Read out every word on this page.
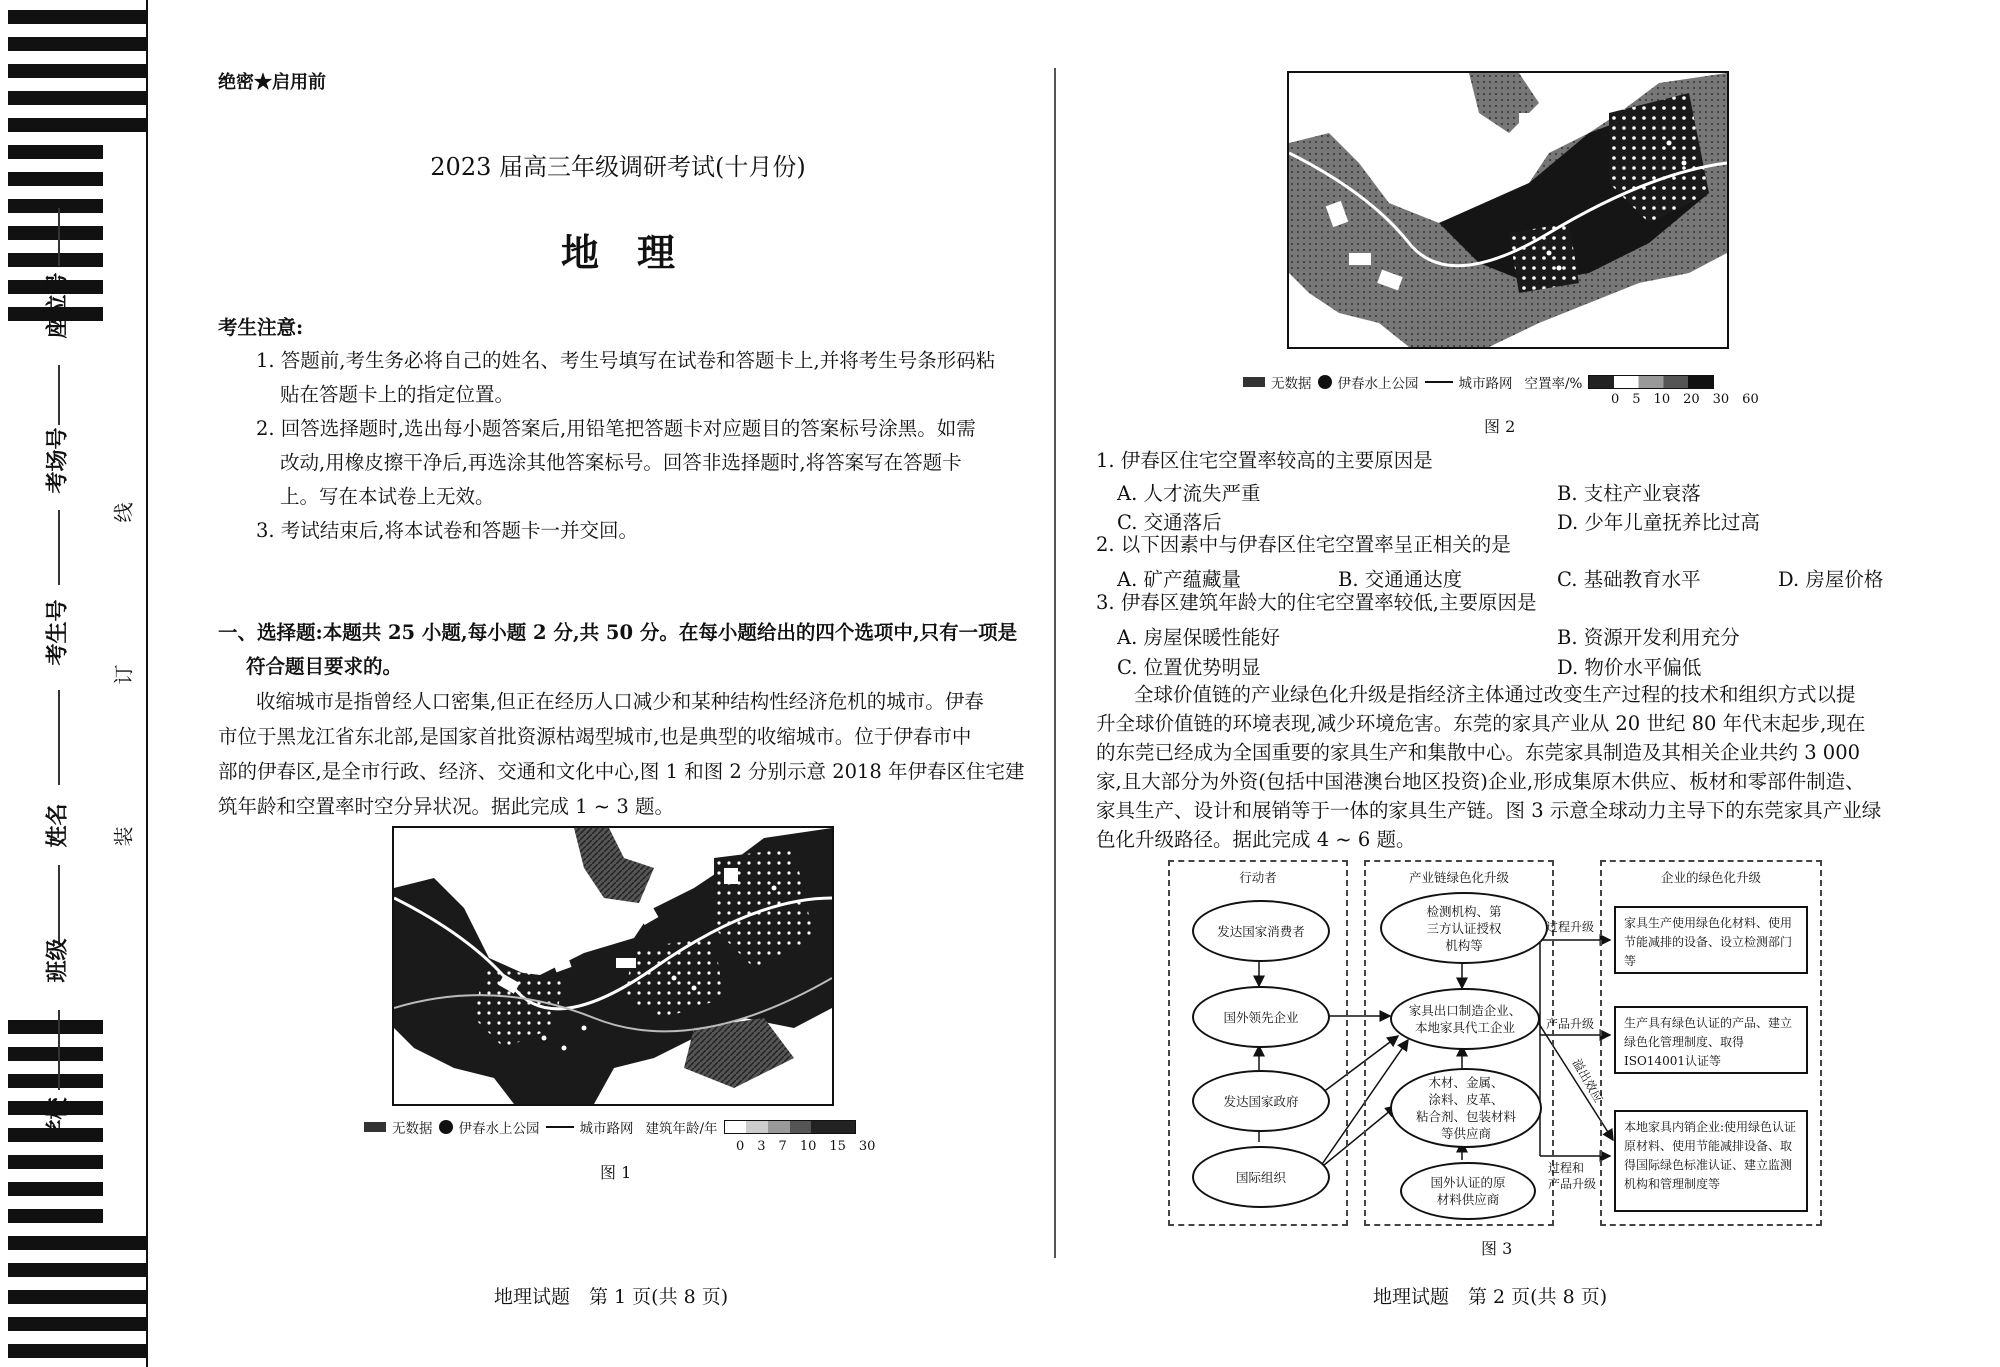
座位号
考场号
考生号
姓名
班级
学校
线
订
装
绝密★启用前
2023 届高三年级调研考试(十月份)
地　理
考生注意:
1. 答题前,考生务必将自己的姓名、考生号填写在试卷和答题卡上,并将考生号条形码粘
贴在答题卡上的指定位置。
2. 回答选择题时,选出每小题答案后,用铅笔把答题卡对应题目的答案标号涂黑。如需
改动,用橡皮擦干净后,再选涂其他答案标号。回答非选择题时,将答案写在答题卡
上。写在本试卷上无效。
3. 考试结束后,将本试卷和答题卡一并交回。
一、选择题:本题共 25 小题,每小题 2 分,共 50 分。在每小题给出的四个选项中,只有一项是
符合题目要求的。
收缩城市是指曾经人口密集,但正在经历人口减少和某种结构性经济危机的城市。伊春
市位于黑龙江省东北部,是国家首批资源枯竭型城市,也是典型的收缩城市。位于伊春市中
部的伊春区,是全市行政、经济、交通和文化中心,图 1 和图 2 分别示意 2018 年伊春区住宅建
筑年龄和空置率时空分异状况。据此完成 1 ~ 3 题。
无数据 伊春水上公园	城市路网 建筑年龄/年
0　3　7　10　15　30
图 1
地理试题　第 1 页(共 8 页)
无数据 伊春水上公园	城市路网 空置率/%
0　5　10　20　30　60
图 2
1. 伊春区住宅空置率较高的主要原因是
A. 人才流失严重	B. 支柱产业衰落
C. 交通落后	D. 少年儿童抚养比过高
2. 以下因素中与伊春区住宅空置率呈正相关的是
A. 矿产蕴藏量	B. 交通通达度	C. 基础教育水平	D. 房屋价格
3. 伊春区建筑年龄大的住宅空置率较低,主要原因是
A. 房屋保暖性能好	B. 资源开发利用充分
C. 位置优势明显	D. 物价水平偏低
全球价值链的产业绿色化升级是指经济主体通过改变生产过程的技术和组织方式以提
升全球价值链的环境表现,减少环境危害。东莞的家具产业从 20 世纪 80 年代末起步,现在
的东莞已经成为全国重要的家具生产和集散中心。东莞家具制造及其相关企业共约 3 000
家,且大部分为外资(包括中国港澳台地区投资)企业,形成集原木供应、板材和零部件制造、
家具生产、设计和展销等于一体的家具生产链。图 3 示意全球动力主导下的东莞家具产业绿
色化升级路径。据此完成 4 ~ 6 题。
行动者	产业链绿色化升级	企业的绿色化升级
发达国家消费者
国外领先企业
发达国家政府
国际组织
检测机构、第
三方认证授权
机构等
家具出口制造企业、
本地家具代工企业
木材、金属、
涂料、皮革、
粘合剂、包装材料
等供应商
国外认证的原
材料供应商
过程升级
产品升级
溢出效应
过程和
产品升级
家具生产使用绿色化材料、使用节能减排的设备、设立检测部门等
生产具有绿色认证的产品、建立绿色化管理制度、取得ISO14001认证等
本地家具内销企业:使用绿色认证原材料、使用节能减排设备、取得国际绿色标准认证、建立监测机构和管理制度等
图 3
地理试题　第 2 页(共 8 页)
